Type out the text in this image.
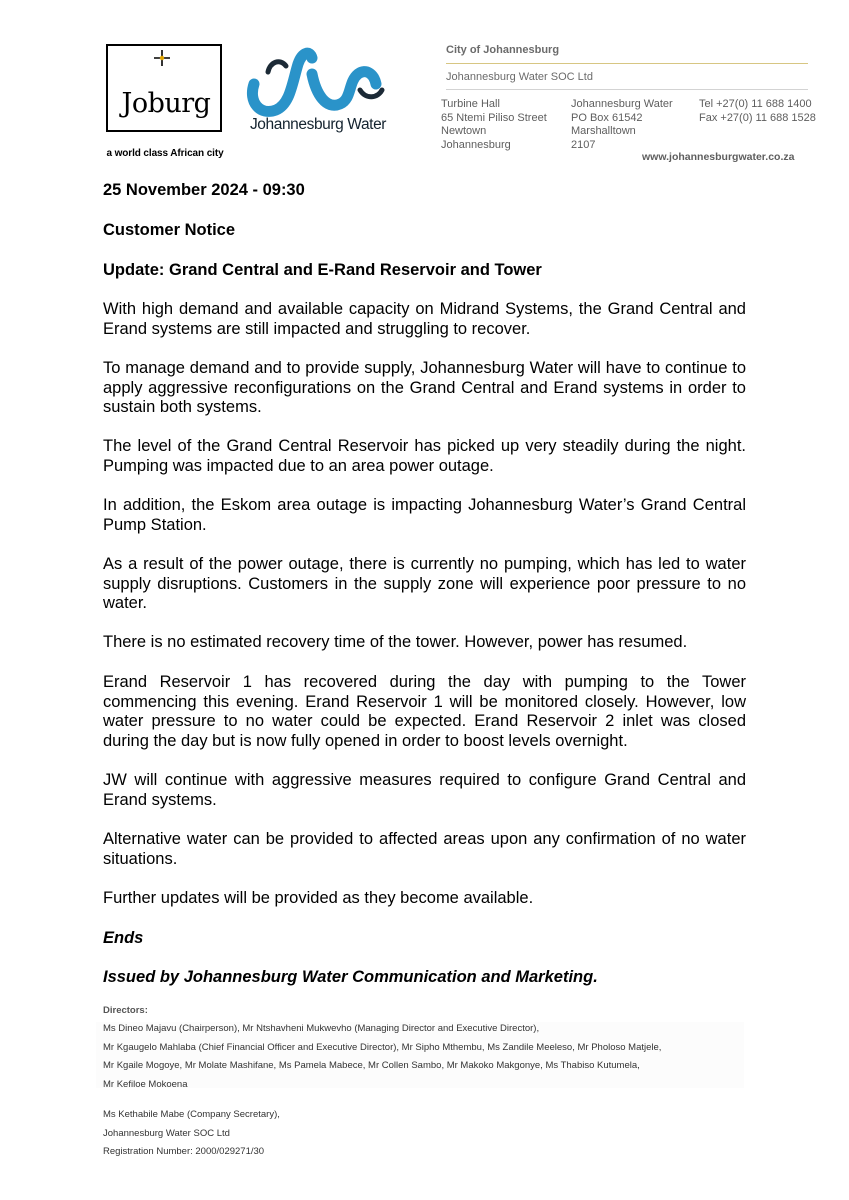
Joburg
a world class African city
Johannesburg Water
City of Johannesburg
Johannesburg Water SOC Ltd
Turbine Hall
65 Ntemi Piliso Street
Newtown
Johannesburg
Johannesburg Water
PO Box 61542
Marshalltown
2107
Tel +27(0) 11 688 1400
Fax +27(0) 11 688 1528
www.johannesburgwater.co.za
25 November 2024 - 09:30
Customer Notice
Update: Grand Central and E-Rand Reservoir and Tower

With high demand and available capacity on Midrand Systems, the Grand Central and Erand systems are still impacted and struggling to recover.

To manage demand and to provide supply, Johannesburg Water will have to continue to apply aggressive reconfigurations on the Grand Central and Erand systems in order to sustain both systems.

The level of the Grand Central Reservoir has picked up very steadily during the night. Pumping was impacted due to an area power outage.

In addition, the Eskom area outage is impacting Johannesburg Water’s Grand Central Pump Station.

As a result of the power outage, there is currently no pumping, which has led to water supply disruptions. Customers in the supply zone will experience poor pressure to no water.

There is no estimated recovery time of the tower. However, power has resumed.

Erand Reservoir 1 has recovered during the day with pumping to the Tower commencing this evening. Erand Reservoir 1 will be monitored closely. However, low water pressure to no water could be expected. Erand Reservoir 2 inlet was closed during the day but is now fully opened in order to boost levels overnight.

JW will continue with aggressive measures required to configure Grand Central and Erand systems.

Alternative water can be provided to affected areas upon any confirmation of no water situations.

Further updates will be provided as they become available.

Ends
Issued by Johannesburg Water Communication and Marketing.
Directors:
Ms Dineo Majavu (Chairperson), Mr Ntshavheni Mukwevho (Managing Director and Executive Director),
Mr Kgaugelo Mahlaba (Chief Financial Officer and Executive Director), Mr Sipho Mthembu, Ms Zandile Meeleso, Mr Pholoso Matjele,
Mr Kgaile Mogoye, Mr Molate Mashifane, Ms Pamela Mabece, Mr Collen Sambo, Mr Makoko Makgonye, Ms Thabiso Kutumela,
Mr Kefiloe Mokoena
Ms Kethabile Mabe (Company Secretary),
Johannesburg Water SOC Ltd
Registration Number: 2000/029271/30
